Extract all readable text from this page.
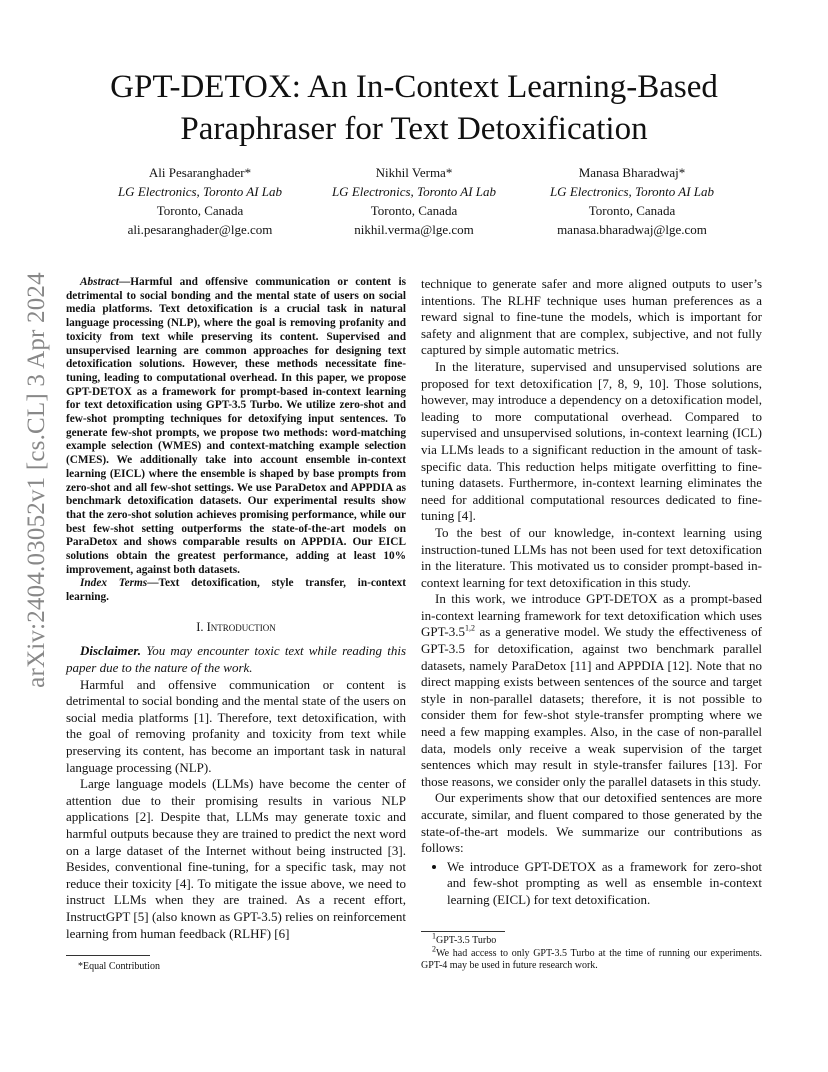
arXiv:2404.03052v1 [cs.CL] 3 Apr 2024
GPT-DETOX: An In-Context Learning-Based
Paraphraser for Text Detoxification
Ali Pesaranghader*
LG Electronics, Toronto AI Lab
Toronto, Canada
ali.pesaranghader@lge.com
Nikhil Verma*
LG Electronics, Toronto AI Lab
Toronto, Canada
nikhil.verma@lge.com
Manasa Bharadwaj*
LG Electronics, Toronto AI Lab
Toronto, Canada
manasa.bharadwaj@lge.com

Abstract—Harmful and offensive communication or content is detrimental to social bonding and the mental state of users on social media platforms. Text detoxification is a crucial task in natural language processing (NLP), where the goal is removing profanity and toxicity from text while preserving its content. Supervised and unsupervised learning are common approaches for designing text detoxification solutions. However, these methods necessitate fine-tuning, leading to computational overhead. In this paper, we propose GPT-DETOX as a framework for prompt-based in-context learning for text detoxification using GPT-3.5 Turbo. We utilize zero-shot and few-shot prompting techniques for detoxifying input sentences. To generate few-shot prompts, we propose two methods: word-matching example selection (WMES) and context-matching example selection (CMES). We additionally take into account ensemble in-context learning (EICL) where the ensemble is shaped by base prompts from zero-shot and all few-shot settings. We use ParaDetox and APPDIA as benchmark detoxification datasets. Our experimental results show that the zero-shot solution achieves promising performance, while our best few-shot setting outperforms the state-of-the-art models on ParaDetox and shows comparable results on APPDIA. Our EICL solutions obtain the greatest performance, adding at least 10% improvement, against both datasets.

Index Terms—Text detoxification, style transfer, in-context learning.

I. Introduction

Disclaimer. You may encounter toxic text while reading this paper due to the nature of the work.

Harmful and offensive communication or content is detrimental to social bonding and the mental state of the users on social media platforms [1]. Therefore, text detoxification, with the goal of removing profanity and toxicity from text while preserving its content, has become an important task in natural language processing (NLP).

Large language models (LLMs) have become the center of attention due to their promising results in various NLP applications [2]. Despite that, LLMs may generate toxic and harmful outputs because they are trained to predict the next word on a large dataset of the Internet without being instructed [3]. Besides, conventional fine-tuning, for a specific task, may not reduce their toxicity [4]. To mitigate the issue above, we need to instruct LLMs when they are trained. As a recent effort, InstructGPT [5] (also known as GPT-3.5) relies on reinforcement learning from human feedback (RLHF) [6]

*Equal Contribution

technique to generate safer and more aligned outputs to user’s intentions. The RLHF technique uses human preferences as a reward signal to fine-tune the models, which is important for safety and alignment that are complex, subjective, and not fully captured by simple automatic metrics.

In the literature, supervised and unsupervised solutions are proposed for text detoxification [7, 8, 9, 10]. Those solutions, however, may introduce a dependency on a detoxification model, leading to more computational overhead. Compared to supervised and unsupervised solutions, in-context learning (ICL) via LLMs leads to a significant reduction in the amount of task-specific data. This reduction helps mitigate overfitting to fine-tuning datasets. Furthermore, in-context learning eliminates the need for additional computational resources dedicated to fine-tuning [4].

To the best of our knowledge, in-context learning using instruction-tuned LLMs has not been used for text detoxification in the literature. This motivated us to consider prompt-based in-context learning for text detoxification in this study.

In this work, we introduce GPT-DETOX as a prompt-based in-context learning framework for text detoxification which uses GPT-3.5$^{1,2}$ as a generative model. We study the effectiveness of GPT-3.5 for detoxification, against two benchmark parallel datasets, namely ParaDetox [11] and APPDIA [12]. Note that no direct mapping exists between sentences of the source and target style in non-parallel datasets; therefore, it is not possible to consider them for few-shot style-transfer prompting where we need a few mapping examples. Also, in the case of non-parallel data, models only receive a weak supervision of the target sentences which may result in style-transfer failures [13]. For those reasons, we consider only the parallel datasets in this study.

Our experiments show that our detoxified sentences are more accurate, similar, and fluent compared to those generated by the state-of-the-art models. We summarize our contributions as follows:

• We introduce GPT-DETOX as a framework for zero-shot and few-shot prompting as well as ensemble in-context learning (EICL) for text detoxification.
$^1$GPT-3.5 Turbo
$^2$We had access to only GPT-3.5 Turbo at the time of running our experiments. GPT-4 may be used in future research work.
